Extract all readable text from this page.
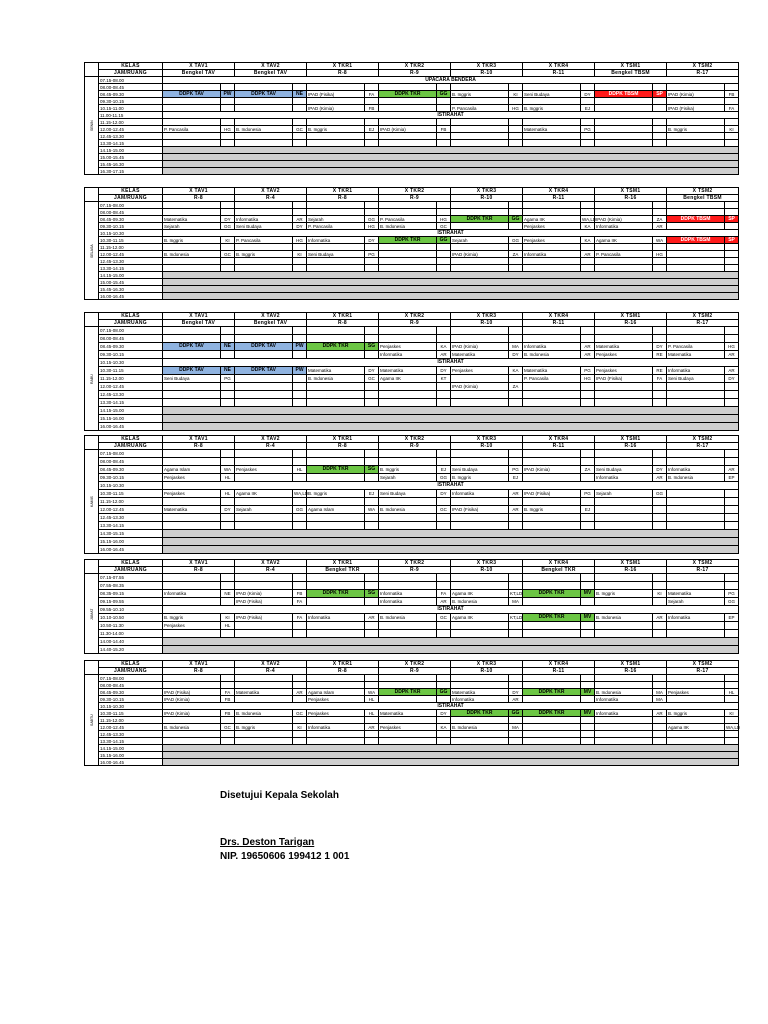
	KELAS	X TAV1		X TAV2		X TKR1		X TKR2		X TKR3		X TKR4		X TSM1		X TSM2	
	JAM/RUANG	Bengkel TAV		Bengkel TAV		R-8		R-9		R-10		R-11		Bengkel TBSM		R-17	
SENIN	07.15-08.00	UPACARA BENDERA															
	08.00-08.45																
	08.45-09.30	DDPK TAV	PW	DDPK TAV	NE	IPAD (Fisika)	FA	DDPK TKR	GG	B. Inggris	KI	Seni Budaya	DY	DDPK TBSM	SP	IPAD (Kimia)	FB
	09.30-10.15																
	10.15-11.00					IPAD (Kimia)	FB			P. Pancasila	HG	B. Inggris	EJ			IPAD (Fisika)	FA
	11.00-11.15	ISTIRAHAT															
	11.15-12.00																
	12.00-12.45	P. Pancasila	HG	B. Indonesia	GC	B. Inggris	EJ	IPAD (Kimia)	FB			Matematika	PG			B. Inggris	KI
	12.45-13.30																
	13.30-14.15																
	14.15-15.00																
	15.00-15.45																
	15.45-16.30																
	16.30-17.15																
	KELAS	X TAV1		X TAV2		X TKR1		X TKR2		X TKR3		X TKR4		X TSM1		X TSM2	
	JAM/RUANG	R-8		R-4		R-8		R-9		R-10		R-11		R-16		Bengkel TBSM	
SELASA	07.15-08.00																
	08.00-08.45																
	08.45-09.30	Matematika	DY	Informatika	AR	Sejarah	GG	P. Pancasila	HG	DDPK TKR	GG	Agama IIK	WA,LD	IPAD (Kimia)	ZA	DDPK TBSM	SP
	09.30-10.15	Sejarah	GG	Seni Budaya	DY	P. Pancasila	HG	B. Indonesia	GC			Penjaskes	KA	Informatika	AR		
	10.15-10.30	ISTIRAHAT															
	10.30-11.15	B. Inggris	KI	P. Pancasila	HG	Informatika	DY	DDPK TKR	GG	Sejarah	GG	Penjaskes	KA	Agama IIK	WA	DDPK TBSM	SP
	11.15-12.00																
	12.00-12.45	B. Indonesia	GC	B. Inggris	KI	Seni Budaya	PG			IPAD (Kimia)	ZA	Informatika	AR	P. Pancasila	HG		
	12.45-13.30																
	13.30-14.15																
	14.15-15.00																
	15.00-15.45																
	15.45-16.30																
	16.00-16.45																
	KELAS	X TAV1		X TAV2		X TKR1		X TKR2		X TKR3		X TKR4		X TSM1		X TSM2	
	JAM/RUANG	Bengkel TAV		Bengkel TAV		R-8		R-9		R-10		R-11		R-16		R-17	
RABU	07.15-08.00																
	08.00-08.45																
	08.45-09.30	DDPK TAV	NE	DDPK TAV	PW	DDPK TKR	SG	Penjaskes	KA	IPAD (Kimia)	MA	Informatika	AR	Matematika	DY	P. Pancasila	HG
	09.30-10.15							Informatika	AR	Matematika	DY	B. Indonesia	AR	Penjaskes	RE	Matematika	AR
	10.15-10.30	ISTIRAHAT															
	10.30-11.15	DDPK TAV	NE	DDPK TAV	PW	Matematika	DY	Matematika	DY	Penjaskes	KA	Matematika	PG	Penjaskes	RE	Informatika	AR
	11.15-12.00	Seni Budaya	PG			B. Indonesia	GC	Agama IIK	KT			P. Pancasila	HG	IPAD (Fisika)	FA	Seni Budaya	DY
	12.00-12.45									IPAD (Kimia)	ZA						
	12.45-13.30																
	13.30-14.15																
	14.15-15.00																
	15.15-16.00																
	16.00-16.45																
	KELAS	X TAV1		X TAV2		X TKR1		X TKR2		X TKR3		X TKR4		X TSM1		X TSM2	
	JAM/RUANG	R-8		R-4		R-8		R-9		R-10		R-11		R-16		R-17	
KAMIS	07.15-08.00																
	08.00-08.45																
	08.45-09.30	Agama Islam	WA	Penjaskes	HL	DDPK TKR	SG	B. Inggris	EJ	Seni Budaya	PG	IPAD (Kimia)	ZA	Seni Budaya	DY	Informatika	AR
	09.30-10.15	Penjaskes	HL					Sejarah	GG	B. Inggris	EJ			Informatika	AR	B. Indonesia	EP
	10.15-10.30	ISTIRAHAT															
	10.30-11.15	Penjaskes	HL	Agama IIK	WA,LD	B. Inggris	EJ	Seni Budaya	DY	Informatika	AR	IPAD (Fisika)	PG	Sejarah	GG		
	11.15-12.00																
	12.00-12.45	Matematika	DY	Sejarah	GG	Agama Islam	WA	B. Indonesia	GC	IPAD (Fisika)	AR	B. Inggris	EJ				
	12.45-13.30																
	13.30-14.15																
	14.30-15.15																
	15.15-16.00																
	16.00-16.45																
	KELAS	X TAV1		X TAV2		X TKR1		X TKR2		X TKR3		X TKR4		X TSM1		X TSM2	
	JAM/RUANG	R-8		R-4		Bengkel TKR		R-9		R-10		Bengkel TKR		R-16		R-17	
JUMAT	07.15-07.55																
	07.55-08.35																
	08.35-09.15	Informatika	NE	IPAD (Kimia)	FB	DDPK TKR	SG	Informatika	FA	Agama IIK	KT,LD	DDPK TKR	MV	B. Inggris	KI	Matematika	PG
	09.15-09.55			IPAD (Fisika)	FA			Informatika	AR	B. Indonesia	MA					Sejarah	GG
	09.55-10.10	ISTIRAHAT															
	10.10-10.50	B. Inggris	KI	IPAD (Fisika)	FA	Informatika	AR	B. Indonesia	GC	Agama IIK	KT,LD	DDPK TKR	MV	B. Indonesia	AR	Informatika	EP
	10.50-11.30	Penjaskes	HL														
	11.30-14.00																
	14.00-14.40																
	14.40-15.20																
	KELAS	X TAV1		X TAV2		X TKR1		X TKR2		X TKR3		X TKR4		X TSM1		X TSM2	
	JAM/RUANG	R-8		R-4		R-8		R-9		R-10		R-11		R-16		R-17	
SABTU	07.15-08.00																
	08.00-08.45																
	08.45-09.30	IPAD (Fisika)	FA	Matematika	AR	Agama Islam	WA	DDPK TKR	GG	Matematika	DY	DDPK TKR	MV	B. Indonesia	MA	Penjaskes	HL
	09.30-10.15	IPAD (Kimia)	FB			Penjaskes	HL			Informatika	AR			Informatika	MA		
	10.15-10.30	ISTIRAHAT															
	10.30-11.15	IPAD (Kimia)	FB	B. Indonesia	GC	Penjaskes	HL	Matematika	DY	DDPK TKR	GG	DDPK TKR	MV	Informatika	AR	B. Inggris	KI
	11.15-12.00																
	12.00-12.45	B. Indonesia	GC	B. Inggris	KI	Informatika	AR	Penjaskes	KA	B. Indonesia	MA					Agama IIK	WA,LD
	12.45-13.30																
	13.30-14.15																
	14.15-15.00																
	15.15-16.00																
	16.00-16.45																
Disetujui Kepala Sekolah
Drs. Deston Tarigan
NIP. 19650606 199412 1 001
